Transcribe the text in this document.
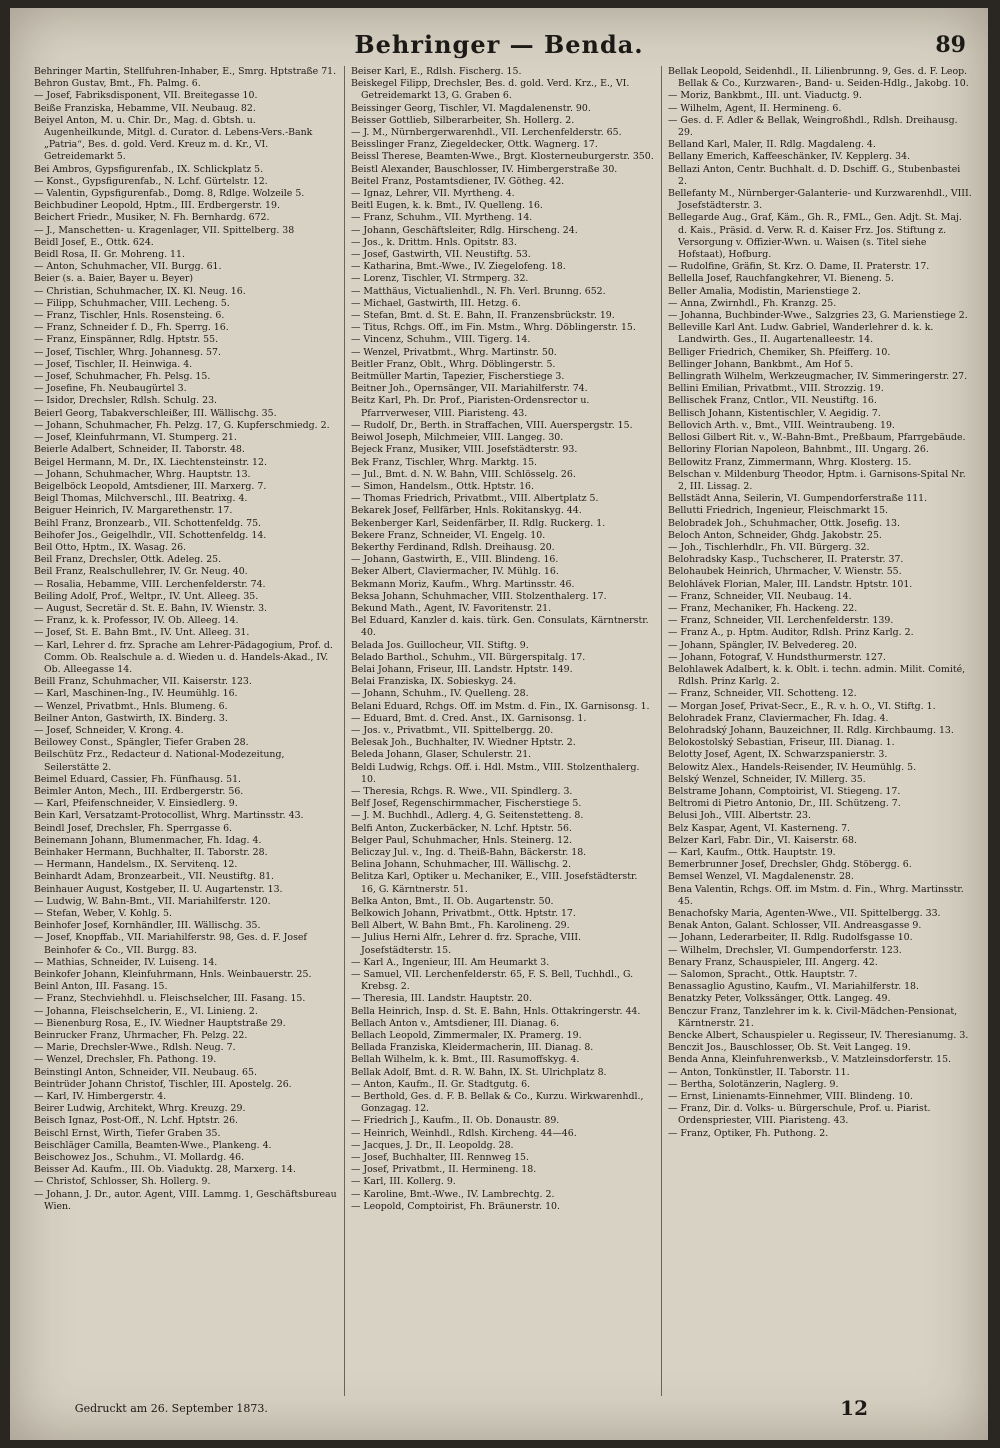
Behringer — Benda.	89

Behringer Martin, Stellfuhren-Inhaber, E., Smrg. Hptstraße 71.

Behron Gustav, Bmt., Fh. Palmg. 6.

— Josef, Fabriksdisponent, VII. Breitegasse 10.

Beiße Franziska, Hebamme, VII. Neubaug. 82.

Beiyel Anton, M. u. Chir. Dr., Mag. d. Gbtsh. u. Augenheilkunde, Mitgl. d. Curator. d. Lebens-Vers.-Bank „Patria“, Bes. d. gold. Verd. Kreuz m. d. Kr., VI. Getreidemarkt 5.

Bei Ambros, Gypsfigurenfab., IX. Schlickplatz 5.

— Konst., Gypsfigurenfab., N. Lchf. Gürtelstr. 12.

— Valentin, Gypsfigurenfab., Domg. 8, Rdlge. Wolzeile 5.

Beichbudiner Leopold, Hptm., III. Erdbergerstr. 19.

Beichert Friedr., Musiker, N. Fh. Bernhardg. 672.

— J., Manschetten- u. Kragenlager, VII. Spittelberg. 38

Beidl Josef, E., Ottk. 624.

Beidl Rosa, II. Gr. Mohreng. 11.

— Anton, Schuhmacher, VII. Burgg. 61.

Beier (s. a. Baier, Bayer u. Beyer)

— Christian, Schuhmacher, IX. Kl. Neug. 16.

— Filipp, Schuhmacher, VIII. Lecheng. 5.

— Franz, Tischler, Hnls. Rosensteing. 6.

— Franz, Schneider f. D., Fh. Sperrg. 16.

— Franz, Einspänner, Rdlg. Hptstr. 55.

— Josef, Tischler, Whrg. Johannesg. 57.

— Josef, Tischler, II. Heinwiga. 4.

— Josef, Schuhmacher, Fh. Pelsg. 15.

— Josefine, Fh. Neubaugürtel 3.

— Isidor, Drechsler, Rdlsh. Schulg. 23.

Beierl Georg, Tabakverschleißer, III. Wällischg. 35.

— Johann, Schuhmacher, Fh. Pelzg. 17, G. Kupferschmiedg. 2.

— Josef, Kleinfuhrmann, VI. Stumperg. 21.

Beierle Adalbert, Schneider, II. Taborstr. 48.

Beigel Hermann, M. Dr., IX. Liechtensteinstr. 12.

— Johann, Schuhmacher, Whrg. Hauptstr. 13.

Beigelböck Leopold, Amtsdiener, III. Marxerg. 7.

Beigl Thomas, Milchverschl., III. Beatrixg. 4.

Beiguer Heinrich, IV. Margarethenstr. 17.

Beihl Franz, Bronzearb., VII. Schottenfeldg. 75.

Beihofer Jos., Geigelhdlr., VII. Schottenfeldg. 14.

Beil Otto, Hptm., IX. Wasag. 26.

Beil Franz, Drechsler, Ottk. Adeleg. 25.

Beil Franz, Realschullehrer, IV. Gr. Neug. 40.

— Rosalia, Hebamme, VIII. Lerchenfelderstr. 74.

Beiling Adolf, Prof., Weltpr., IV. Unt. Alleeg. 35.

— August, Secretär d. St. E. Bahn, IV. Wienstr. 3.

— Franz, k. k. Professor, IV. Ob. Alleeg. 14.

— Josef, St. E. Bahn Bmt., IV. Unt. Alleeg. 31.

— Karl, Lehrer d. frz. Sprache am Lehrer-Pädagogium, Prof. d. Comm. Ob. Realschule a. d. Wieden u. d. Handels-Akad., IV. Ob. Alleegasse 14.

Beill Franz, Schuhmacher, VII. Kaiserstr. 123.

— Karl, Maschinen-Ing., IV. Heumühlg. 16.

— Wenzel, Privatbmt., Hnls. Blumeng. 6.

Beilner Anton, Gastwirth, IX. Binderg. 3.

— Josef, Schneider, V. Krong. 4.

Beilowey Const., Spängler, Tiefer Graben 28.

Beilschütz Frz., Redacteur d. National-Modezeitung, Seilerstätte 2.

Beimel Eduard, Cassier, Fh. Fünfhausg. 51.

Beimler Anton, Mech., III. Erdbergerstr. 56.

— Karl, Pfeifenschneider, V. Einsiedlerg. 9.

Bein Karl, Versatzamt-Protocollist, Whrg. Martinsstr. 43.

Beindl Josef, Drechsler, Fh. Sperrgasse 6.

Beinemann Johann, Blumenmacher, Fh. Idag. 4.

Beinhaker Hermann, Buchhalter, II. Taborstr. 28.

— Hermann, Handelsm., IX. Servitenq. 12.

Beinhardt Adam, Bronzearbeit., VII. Neustiftg. 81.

Beinhauer August, Kostgeber, II. U. Augartenstr. 13.

— Ludwig, W. Bahn-Bmt., VII. Mariahilferstr. 120.

— Stefan, Weber, V. Kohlg. 5.

Beinhofer Josef, Kornhändler, III. Wällischg. 35.

— Josef, Knopffab., VII. Mariahilferstr. 98, Ges. d. F. Josef Beinhofer & Co., VII. Burgg. 83.

— Mathias, Schneider, IV. Luiseng. 14.

Beinkofer Johann, Kleinfuhrmann, Hnls. Weinbauerstr. 25.

Beinl Anton, III. Fasang. 15.

— Franz, Stechviehhdl. u. Fleischselcher, III. Fasang. 15.

— Johanna, Fleischselcherin, E., VI. Linieng. 2.

— Bienenburg Rosa, E., IV. Wiedner Hauptstraße 29.

Beinrucker Franz, Uhrmacher, Fh. Pelzg. 22.

— Marie, Drechsler-Wwe., Rdlsh. Neug. 7.

— Wenzel, Drechsler, Fh. Pathong. 19.

Beinstingl Anton, Schneider, VII. Neubaug. 65.

Beintrüder Johann Christof, Tischler, III. Apostelg. 26.

— Karl, IV. Himbergerstr. 4.

Beirer Ludwig, Architekt, Whrg. Kreuzg. 29.

Beisch Ignaz, Post-Off., N. Lchf. Hptstr. 26.

Beischl Ernst, Wirth, Tiefer Graben 35.

Beischläger Camilla, Beamten-Wwe., Plankeng. 4.

Beischowez Jos., Schuhm., VI. Mollardg. 46.

Beisser Ad. Kaufm., III. Ob. Viaduktg. 28, Marxerg. 14.

— Christof, Schlosser, Sh. Hollerg. 9.

— Johann, J. Dr., autor. Agent, VIII. Lammg. 1, Geschäftsbureau Wien.

Beiser Karl, E., Rdlsh. Fischerg. 15.

Beiskegel Filipp, Drechsler, Bes. d. gold. Verd. Krz., E., VI. Getreidemarkt 13, G. Graben 6.

Beissinger Georg, Tischler, VI. Magdalenenstr. 90.

Beisser Gottlieb, Silberarbeiter, Sh. Hollerg. 2.

— J. M., Nürnbergerwarenhdl., VII. Lerchenfelderstr. 65.

Beisslinger Franz, Ziegeldecker, Ottk. Wagnerg. 17.

Beissl Therese, Beamten-Wwe., Brgt. Klosterneuburgerstr. 350.

Beistl Alexander, Bauschlosser, IV. Himbergerstraße 30.

Beitel Franz, Postamtsdiener, IV. Götheg. 42.

— Ignaz, Lehrer, VII. Myrtheng. 4.

Beitl Eugen, k. k. Bmt., IV. Quelleng. 16.

— Franz, Schuhm., VII. Myrtheng. 14.

— Johann, Geschäftsleiter, Rdlg. Hirscheng. 24.

— Jos., k. Drittm. Hnls. Opitstr. 83.

— Josef, Gastwirth, VII. Neustiftg. 53.

— Katharina, Bmt.-Wwe., IV. Ziegelofeng. 18.

— Lorenz, Tischler, VI. Strmperg. 32.

— Matthäus, Victualienhdl., N. Fh. Verl. Brunng. 652.

— Michael, Gastwirth, III. Hetzg. 6.

— Stefan, Bmt. d. St. E. Bahn, II. Franzensbrückstr. 19.

— Titus, Rchgs. Off., im Fin. Mstm., Whrg. Döblingerstr. 15.

— Vincenz, Schuhm., VIII. Tigerg. 14.

— Wenzel, Privatbmt., Whrg. Martinstr. 50.

Beitler Franz, Oblt., Whrg. Döblingerstr. 5.

Beitmüller Martin, Tapezier, Fischerstiege 3.

Beitner Joh., Opernsänger, VII. Mariahilferstr. 74.

Beitz Karl, Ph. Dr. Prof., Piaristen-Ordensrector u. Pfarrverweser, VIII. Piaristeng. 43.

— Rudolf, Dr., Berth. in Straffachen, VIII. Auerspergstr. 15.

Beiwol Joseph, Milchmeier, VIII. Langeg. 30.

Bejeck Franz, Musiker, VIII. Josefstädterstr. 93.

Bek Franz, Tischler, Whrg. Marktg. 15.

— Jul., Bmt. d. N. W. Bahn, VIII. Schlösselg. 26.

— Simon, Handelsm., Ottk. Hptstr. 16.

— Thomas Friedrich, Privatbmt., VIII. Albertplatz 5.

Bekarek Josef, Fellfärber, Hnls. Rokitanskyg. 44.

Bekenberger Karl, Seidenfärber, II. Rdlg. Ruckerg. 1.

Bekere Franz, Schneider, VI. Engelg. 10.

Bekerthy Ferdinand, Rdlsh. Dreihausg. 20.

— Johann, Gastwirth, E., VIII. Blindeng. 16.

Beker Albert, Claviermacher, IV. Mühlg. 16.

Bekmann Moriz, Kaufm., Whrg. Martinsstr. 46.

Beksa Johann, Schuhmacher, VIII. Stolzenthalerg. 17.

Bekund Math., Agent, IV. Favoritenstr. 21.

Bel Eduard, Kanzler d. kais. türk. Gen. Consulats, Kärntnerstr. 40.

Belada Jos. Guillocheur, VII. Stiftg. 9.

Belado Barthol., Schuhm., VII. Bürgerspitalg. 17.

Belai Johann, Friseur, III. Landstr. Hptstr. 149.

Belai Franziska, IX. Sobieskyg. 24.

— Johann, Schuhm., IV. Quelleng. 28.

Belani Eduard, Rchgs. Off. im Mstm. d. Fin., IX. Garnisonsg. 1.

— Eduard, Bmt. d. Cred. Anst., IX. Garnisonsg. 1.

— Jos. v., Privatbmt., VII. Spittelbergg. 20.

Belesak Joh., Buchhalter, IV. Wiedner Hptstr. 2.

Beleda Johann, Glaser, Schulerstr. 21.

Beldi Ludwig, Rchgs. Off. i. Hdl. Mstm., VIII. Stolzenthalerg. 10.

— Theresia, Rchgs. R. Wwe., VII. Spindlerg. 3.

Belf Josef, Regenschirmmacher, Fischerstiege 5.

— J. M. Buchhdl., Adlerg. 4, G. Seitenstetteng. 8.

Belfi Anton, Zuckerbäcker, N. Lchf. Hptstr. 56.

Belger Paul, Schuhmacher, Hnls. Steinerg. 12.

Beliczay Jul. v., Ing. d. Theiß-Bahn, Bäckerstr. 18.

Belina Johann, Schuhmacher, III. Wällischg. 2.

Belitza Karl, Optiker u. Mechaniker, E., VIII. Josefstädterstr. 16, G. Kärntnerstr. 51.

Belka Anton, Bmt., II. Ob. Augartenstr. 50.

Belkowich Johann, Privatbmt., Ottk. Hptstr. 17.

Bell Albert, W. Bahn Bmt., Fh. Karolineng. 29.

— Julius Herni Alfr., Lehrer d. frz. Sprache, VIII. Josefstädterstr. 15.

— Karl A., Ingenieur, III. Am Heumarkt 3.

— Samuel, VII. Lerchenfelderstr. 65, F. S. Bell, Tuchhdl., G. Krebsg. 2.

— Theresia, III. Landstr. Hauptstr. 20.

Bella Heinrich, Insp. d. St. E. Bahn, Hnls. Ottakringerstr. 44.

Bellach Anton v., Amtsdiener, III. Dianag. 6.

Bellach Leopold, Zimmermaler, IX. Pramerg. 19.

Bellada Franziska, Kleidermacherin, III. Dianag. 8.

Bellah Wilhelm, k. k. Bmt., III. Rasumoffskyg. 4.

Bellak Adolf, Bmt. d. R. W. Bahn, IX. St. Ulrichplatz 8.

— Anton, Kaufm., II. Gr. Stadtgutg. 6.

— Berthold, Ges. d. F. B. Bellak & Co., Kurzu. Wirkwarenhdl., Gonzagag. 12.

— Friedrich J., Kaufm., II. Ob. Donaustr. 89.

— Heinrich, Weinhdl., Rdlsh. Kircheng. 44—46.

— Jacques, J. Dr., II. Leopoldg. 28.

— Josef, Buchhalter, III. Rennweg 15.

— Josef, Privatbmt., II. Hermineng. 18.

— Karl, III. Kollerg. 9.

— Karoline, Bmt.-Wwe., IV. Lambrechtg. 2.

— Leopold, Comptoirist, Fh. Bräunerstr. 10.

Bellak Leopold, Seidenhdl., II. Lilienbrunng. 9, Ges. d. F. Leop. Bellak & Co., Kurzwaren-, Band- u. Seiden-Hdlg., Jakobg. 10.

— Moriz, Bankbmt., III. unt. Viaductg. 9.

— Wilhelm, Agent, II. Hermineng. 6.

— Ges. d. F. Adler & Bellak, Weingroßhdl., Rdlsh. Dreihausg. 29.

Belland Karl, Maler, II. Rdlg. Magdaleng. 4.

Bellany Emerich, Kaffeeschänker, IV. Kepplerg. 34.

Bellazi Anton, Centr. Buchhalt. d. D. Dschiff. G., Stubenbastei 2.

Bellefanty M., Nürnberger-Galanterie- und Kurzwarenhdl., VIII. Josefstädterstr. 3.

Bellegarde Aug., Graf, Käm., Gh. R., FML., Gen. Adjt. St. Maj. d. Kais., Präsid. d. Verw. R. d. Kaiser Frz. Jos. Stiftung z. Versorgung v. Offizier-Wwn. u. Waisen (s. Titel siehe Hofstaat), Hofburg.

— Rudolfine, Gräfin, St. Krz. O. Dame, II. Praterstr. 17.

Bellella Josef, Rauchfangkehrer, VI. Bieneng. 5.

Beller Amalia, Modistin, Marienstiege 2.

— Anna, Zwirnhdl., Fh. Kranzg. 25.

— Johanna, Buchbinder-Wwe., Salzgries 23, G. Marienstiege 2.

Belleville Karl Ant. Ludw. Gabriel, Wanderlehrer d. k. k. Landwirth. Ges., II. Augartenalleestr. 14.

Belliger Friedrich, Chemiker, Sh. Pfeifferg. 10.

Bellinger Johann, Bankbmt., Am Hof 5.

Bellingrath Wilhelm, Werkzeugmacher, IV. Simmeringerstr. 27.

Bellini Emilian, Privatbmt., VIII. Strozzig. 19.

Bellischek Franz, Cntlor., VII. Neustiftg. 16.

Bellisch Johann, Kistentischler, V. Aegidig. 7.

Bellovich Arth. v., Bmt., VIII. Weintraubeng. 19.

Bellosi Gilbert Rit. v., W.-Bahn-Bmt., Preßbaum, Pfarrgebäude.

Belloriny Florian Napoleon, Bahnbmt., III. Ungarg. 26.

Bellowitz Franz, Zimmermann, Whrg. Klosterg. 15.

Belschan v. Mildenburg Theodor, Hptm. i. Garnisons-Spital Nr. 2, III. Lissag. 2.

Bellstädt Anna, Seilerin, VI. Gumpendorferstraße 111.

Bellutti Friedrich, Ingenieur, Fleischmarkt 15.

Belobradek Joh., Schuhmacher, Ottk. Josefig. 13.

Beloch Anton, Schneider, Ghdg. Jakobstr. 25.

— Joh., Tischlerhdlr., Fh. VII. Bürgerg. 32.

Belohradsky Kasp., Tuchscherer, II. Praterstr. 37.

Belohaubek Heinrich, Uhrmacher, V. Wienstr. 55.

Belohlávek Florian, Maler, III. Landstr. Hptstr. 101.

— Franz, Schneider, VII. Neubaug. 14.

— Franz, Mechaniker, Fh. Hackeng. 22.

— Franz, Schneider, VII. Lerchenfelderstr. 139.

— Franz A., p. Hptm. Auditor, Rdlsh. Prinz Karlg. 2.

— Johann, Spängler, IV. Belvedereg. 20.

— Johann, Fotograf, V. Hundsthurmerstr. 127.

Belohlawek Adalbert, k. k. Oblt. i. techn. admin. Milit. Comité, Rdlsh. Prinz Karlg. 2.

— Franz, Schneider, VII. Schotteng. 12.

— Morgan Josef, Privat-Secr., E., R. v. h. O., VI. Stiftg. 1.

Belohradek Franz, Claviermacher, Fh. Idag. 4.

Belohradský Johann, Bauzeichner, II. Rdlg. Kirchbaumg. 13.

Belokostolský Sebastian, Friseur, III. Dianag. 1.

Belotty Josef, Agent, IX. Schwarzspanierstr. 3.

Belowitz Alex., Handels-Reisender, IV. Heumühlg. 5.

Belský Wenzel, Schneider, IV. Millerg. 35.

Belstrame Johann, Comptoirist, VI. Stiegeng. 17.

Beltromi di Pietro Antonio, Dr., III. Schützeng. 7.

Belusi Joh., VIII. Albertstr. 23.

Belz Kaspar, Agent, VI. Kasterneng. 7.

Belzer Karl, Fabr. Dir., VI. Kaiserstr. 68.

— Karl, Kaufm., Ottk. Hauptstr. 19.

Bemerbrunner Josef, Drechsler, Ghdg. Stöbergg. 6.

Bemsel Wenzel, VI. Magdalenenstr. 28.

Bena Valentin, Rchgs. Off. im Mstm. d. Fin., Whrg. Martinsstr. 45.

Benachofsky Maria, Agenten-Wwe., VII. Spittelbergg. 33.

Benak Anton, Galant. Schlosser, VII. Andreasgasse 9.

— Johann, Lederarbeiter, II. Rdlg. Rudolfsgasse 10.

— Wilhelm, Drechsler, VI. Gumpendorferstr. 123.

Benary Franz, Schauspieler, III. Angerg. 42.

— Salomon, Spracht., Ottk. Hauptstr. 7.

Benassaglio Agustino, Kaufm., VI. Mariahilferstr. 18.

Benatzky Peter, Volkssänger, Ottk. Langeg. 49.

Benczur Franz, Tanzlehrer im k. k. Civil-Mädchen-Pensionat, Kärntnerstr. 21.

Bencke Albert, Schauspieler u. Regisseur, IV. Theresianumg. 3.

Benczit Jos., Bauschlosser, Ob. St. Veit Langeg. 19.

Benda Anna, Kleinfuhrenwerksb., V. Matzleinsdorferstr. 15.

— Anton, Tonkünstler, II. Taborstr. 11.

— Bertha, Solotänzerin, Naglerg. 9.

— Ernst, Linienamts-Einnehmer, VIII. Blindeng. 10.

— Franz, Dir. d. Volks- u. Bürgerschule, Prof. u. Piarist. Ordenspriester, VIII. Piaristeng. 43.

— Franz, Optiker, Fh. Puthong. 2.

Gedruckt am 26. September 1873.	12
